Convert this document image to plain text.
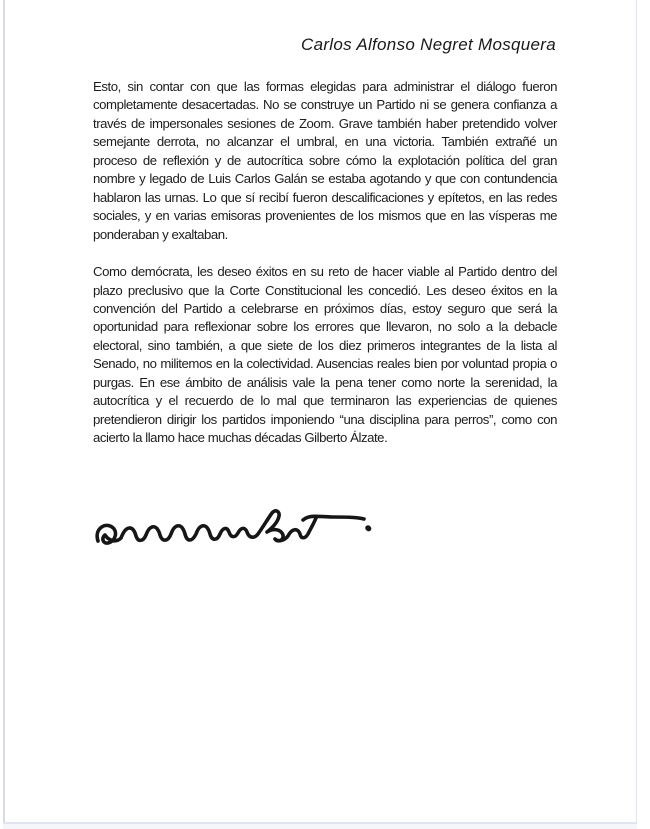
Carlos Alfonso Negret Mosquera

Esto, sin contar con que las formas elegidas para administrar el diálogo fueron completamente desacertadas. No se construye un Partido ni se genera confianza a través de impersonales sesiones de Zoom. Grave también haber pretendido volver semejante derrota, no alcanzar el umbral, en una victoria. También extrañé un proceso de reflexión y de autocrítica sobre cómo la explotación política del gran nombre y legado de Luis Carlos Galán se estaba agotando y que con contundencia hablaron las urnas. Lo que sí recibí fueron descalificaciones y epítetos, en las redes sociales, y en varias emisoras provenientes de los mismos que en las vísperas me ponderaban y exaltaban.

Como demócrata, les deseo éxitos en su reto de hacer viable al Partido dentro del plazo preclusivo que la Corte Constitucional les concedió. Les deseo éxitos en la convención del Partido a celebrarse en próximos días, estoy seguro que será la oportunidad para reflexionar sobre los errores que llevaron, no solo a la debacle electoral, sino también, a que siete de los diez primeros integrantes de la lista al Senado, no militemos en la colectividad. Ausencias reales bien por voluntad propia o purgas. En ese ámbito de análisis vale la pena tener como norte la serenidad, la autocrítica y el recuerdo de lo mal que terminaron las experiencias de quienes pretendieron dirigir los partidos imponiendo “una disciplina para perros”, como con acierto la llamo hace muchas décadas Gilberto Álzate.
